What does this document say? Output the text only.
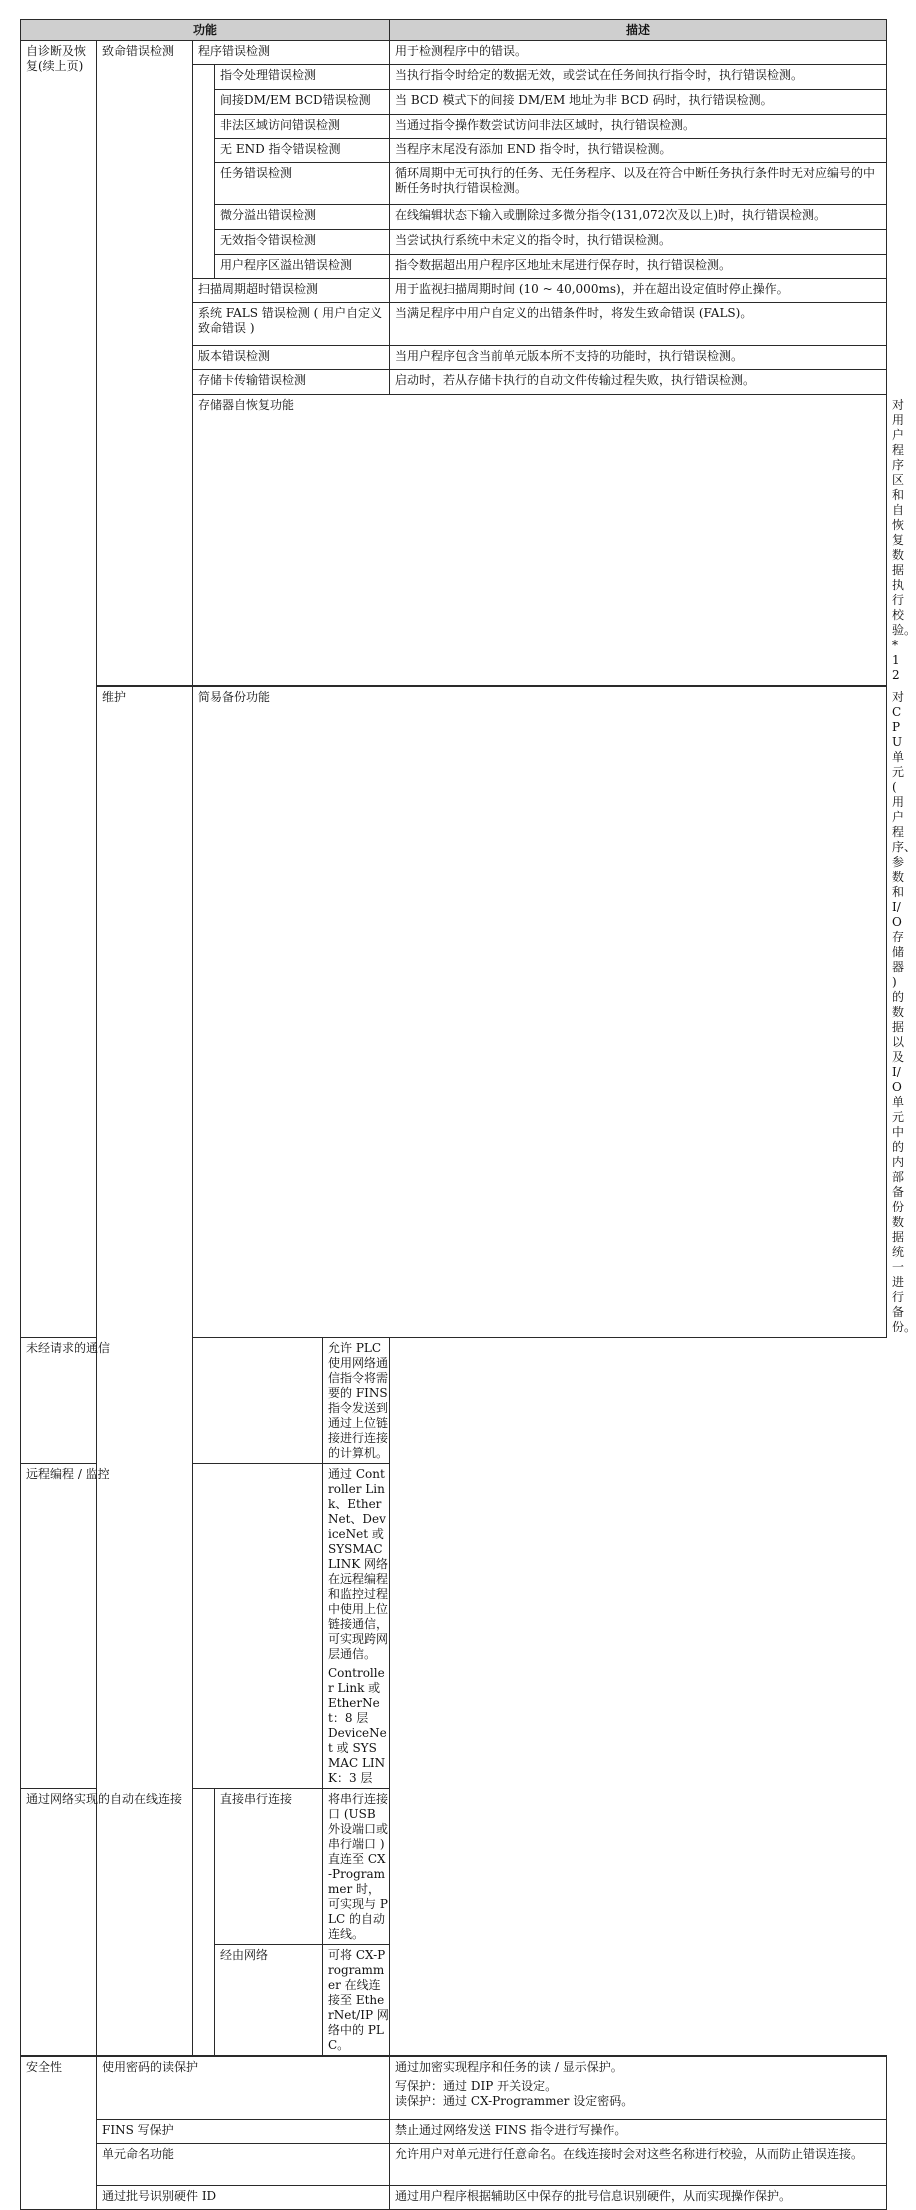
功能					描述	
自诊断及恢复(续上页)	致命错误检测	程序错误检测			用于检测程序中的错误。	
			指令处理错误检测		当执行指令时给定的数据无效，或尝试在任务间执行指令时，执行错误检测。	
			间接DM/EM BCD错误检测		当 BCD 模式下的间接 DM/EM 地址为非 BCD 码时，执行错误检测。	
			非法区域访问错误检测		当通过指令操作数尝试访问非法区域时，执行错误检测。	
			无 END 指令错误检测		当程序末尾没有添加 END 指令时，执行错误检测。	
			任务错误检测		循环周期中无可执行的任务、无任务程序、以及在符合中断任务执行条件时无对应编号的中断任务时执行错误检测。	
			微分溢出错误检测		在线编辑状态下输入或删除过多微分指令(131,072次及以上)时，执行错误检测。	
			无效指令错误检测		当尝试执行系统中未定义的指令时，执行错误检测。	
			用户程序区溢出错误检测		指令数据超出用户程序区地址末尾进行保存时，执行错误检测。	
		扫描周期超时错误检测			用于监视扫描周期时间 (10 ~ 40,000ms)，并在超出设定值时停止操作。	
		系统 FALS 错误检测 ( 用户自定义致命错误 )			当满足程序中用户自定义的出错条件时，将发生致命错误 (FALS)。	
		版本错误检测			当用户程序包含当前单元版本所不支持的功能时，执行错误检测。	
		存储卡传输错误检测			启动时，若从存储卡执行的自动文件传输过程失败，执行错误检测。	
		存储器自恢复功能				对用户程序区和自恢复数据执行校验。*12
	维护	简易备份功能				对 CPU 单元 ( 用户程序、参数和 I/O 存储器 ) 的数据以及 I/O 单元中的内部备份数据统一进行备份。
未经请求的通信				允许 PLC 使用网络通信指令将需要的 FINS 指令发送到通过上位链接进行连接的计算机。		
远程编程 / 监控				通过 Controller Link、EtherNet、DeviceNet 或 SYSMAC LINK 网络在远程编程和监控过程中使用上位链接通信，可实现跨网层通信。
Controller Link 或 EtherNet：8 层
DeviceNet 或 SYSMAC LINK：3 层		

通过网络实现的自动在线连接			直接串行连接	将串行连接口 (USB 外设端口或串行端口 ) 直连至 CX-Programmer 时，可实现与 PLC 的自动连线。		
			经由网络	可将 CX-Programmer 在线连接至 EtherNet/IP 网络中的 PLC。		

安全性	使用密码的读保护				通过加密实现程序和任务的读 / 显示保护。
写保护：通过 DIP 开关设定。
读保护：通过 CX-Programmer 设定密码。	

	FINS 写保护				禁止通过网络发送 FINS 指令进行写操作。	
	单元命名功能				允许用户对单元进行任意命名。在线连接时会对这些名称进行校验，从而防止错误连接。	
	通过批号识别硬件 ID				通过用户程序根据辅助区中保存的批号信息识别硬件，从而实现操作保护。	
